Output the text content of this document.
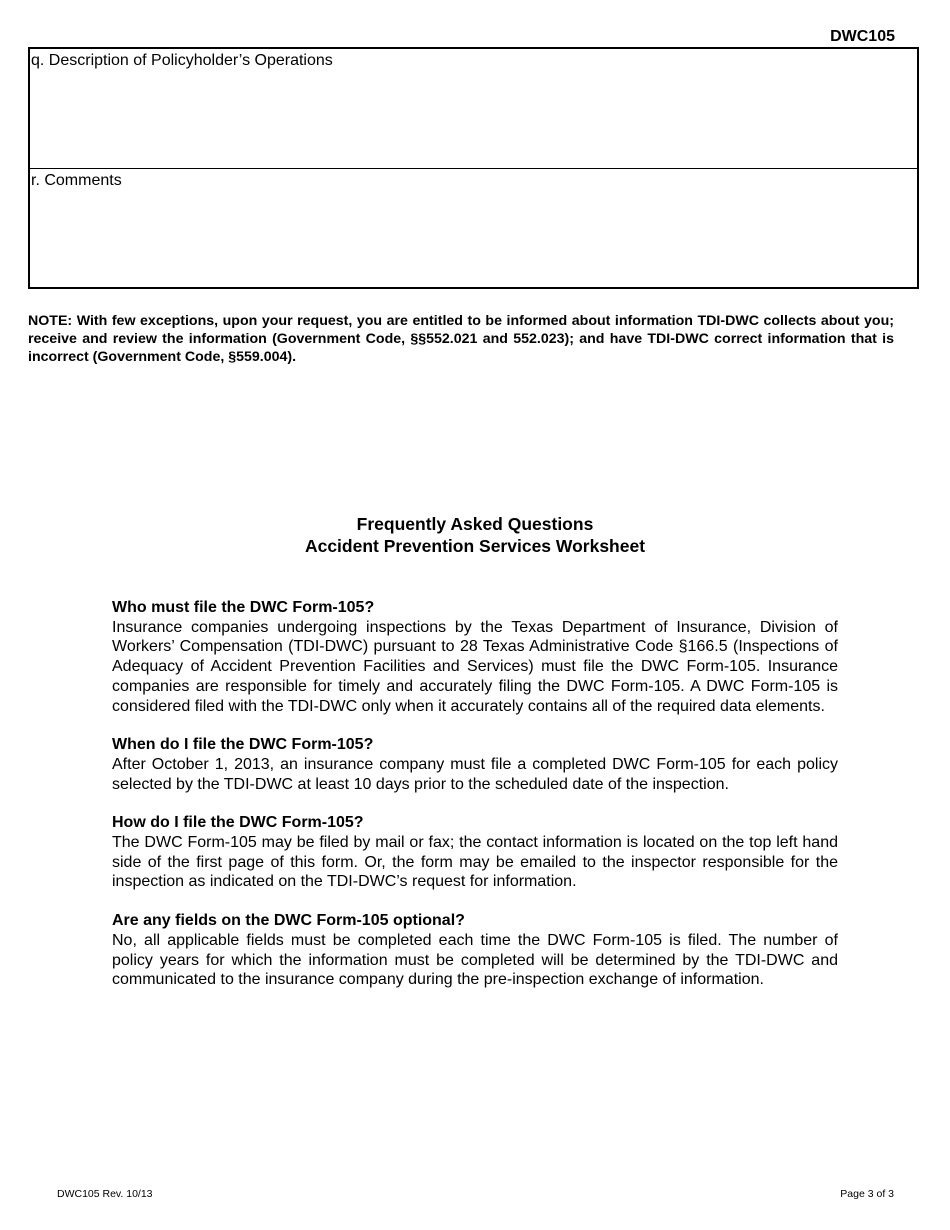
DWC105
q. Description of Policyholder’s Operations
r. Comments
NOTE: With few exceptions, upon your request, you are entitled to be informed about information TDI-DWC collects about you; receive and review the information (Government Code, §§552.021 and 552.023); and have TDI-DWC correct information that is incorrect (Government Code, §559.004).
Frequently Asked Questions
Accident Prevention Services Worksheet
Who must file the DWC Form-105?
Insurance companies undergoing inspections by the Texas Department of Insurance, Division of Workers’ Compensation (TDI-DWC) pursuant to 28 Texas Administrative Code §166.5 (Inspections of Adequacy of Accident Prevention Facilities and Services) must file the DWC Form-105. Insurance companies are responsible for timely and accurately filing the DWC Form-105. A DWC Form-105 is considered filed with the TDI-DWC only when it accurately contains all of the required data elements.
When do I file the DWC Form-105?
After October 1, 2013, an insurance company must file a completed DWC Form-105 for each policy selected by the TDI-DWC at least 10 days prior to the scheduled date of the inspection.
How do I file the DWC Form-105?
The DWC Form-105 may be filed by mail or fax; the contact information is located on the top left hand side of the first page of this form. Or, the form may be emailed to the inspector responsible for the inspection as indicated on the TDI-DWC’s request for information.
Are any fields on the DWC Form-105 optional?
No, all applicable fields must be completed each time the DWC Form-105 is filed. The number of policy years for which the information must be completed will be determined by the TDI-DWC and communicated to the insurance company during the pre-inspection exchange of information.
DWC105 Rev. 10/13	Page 3 of 3
